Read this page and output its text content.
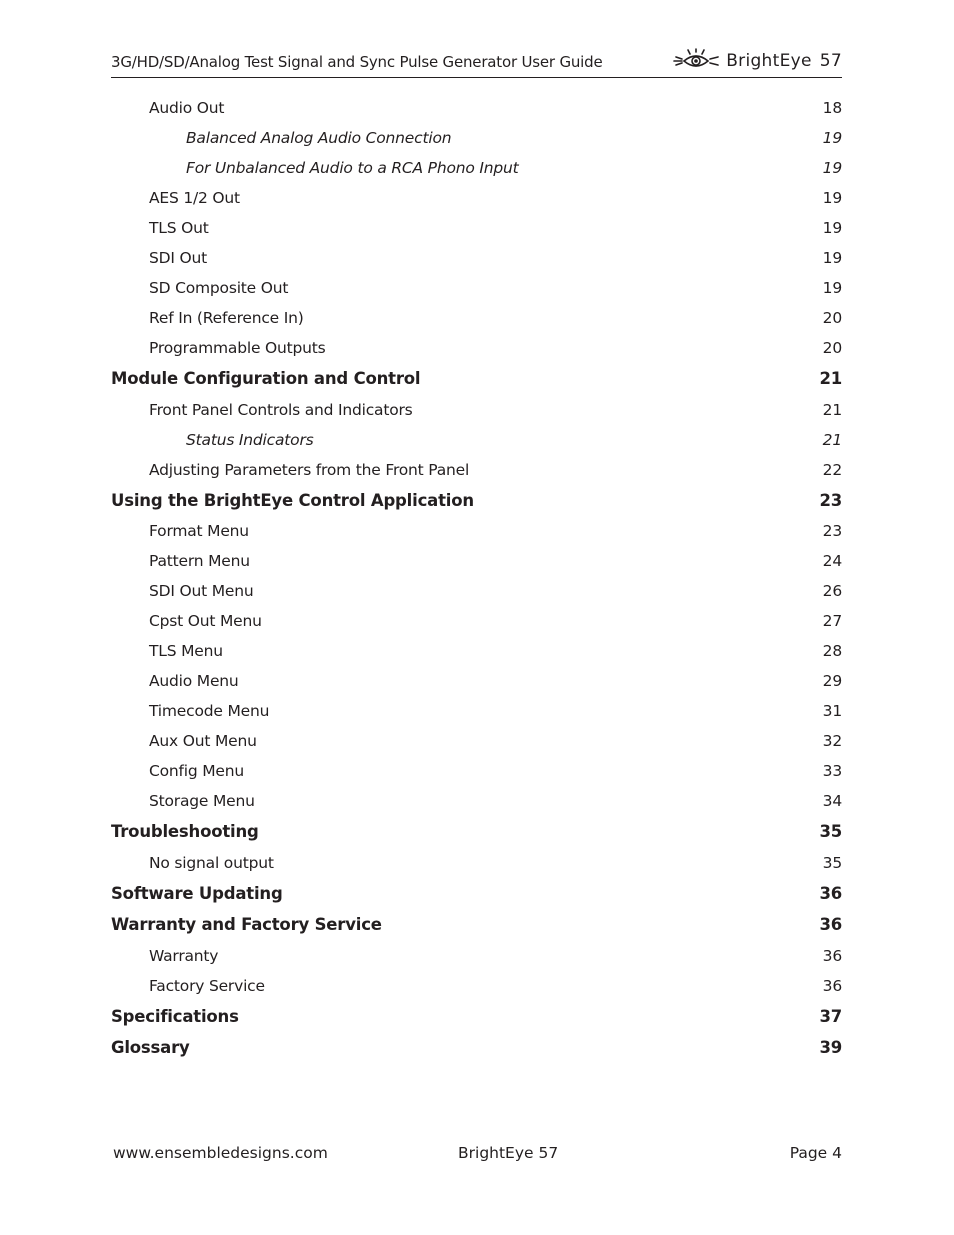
3G/HD/SD/Analog Test Signal and Sync Pulse Generator User Guide	BrightEye 57
Audio Out	18
Balanced Analog Audio Connection	19
For Unbalanced Audio to a RCA Phono Input	19
AES 1/2 Out	19
TLS Out	19
SDI Out	19
SD Composite Out	19
Ref In (Reference In)	20
Programmable Outputs	20
Module Configuration and Control	21
Front Panel Controls and Indicators	21
Status Indicators	21
Adjusting Parameters from the Front Panel	22
Using the BrightEye Control Application	23
Format Menu	23
Pattern Menu	24
SDI Out Menu	26
Cpst Out Menu	27
TLS Menu	28
Audio Menu	29
Timecode Menu	31
Aux Out Menu	32
Config Menu	33
Storage Menu	34
Troubleshooting	35
No signal output	35
Software Updating	36
Warranty and Factory Service	36
Warranty	36
Factory Service	36
Specifications	37
Glossary	39
www.ensembledesigns.com	BrightEye 57	Page 4
